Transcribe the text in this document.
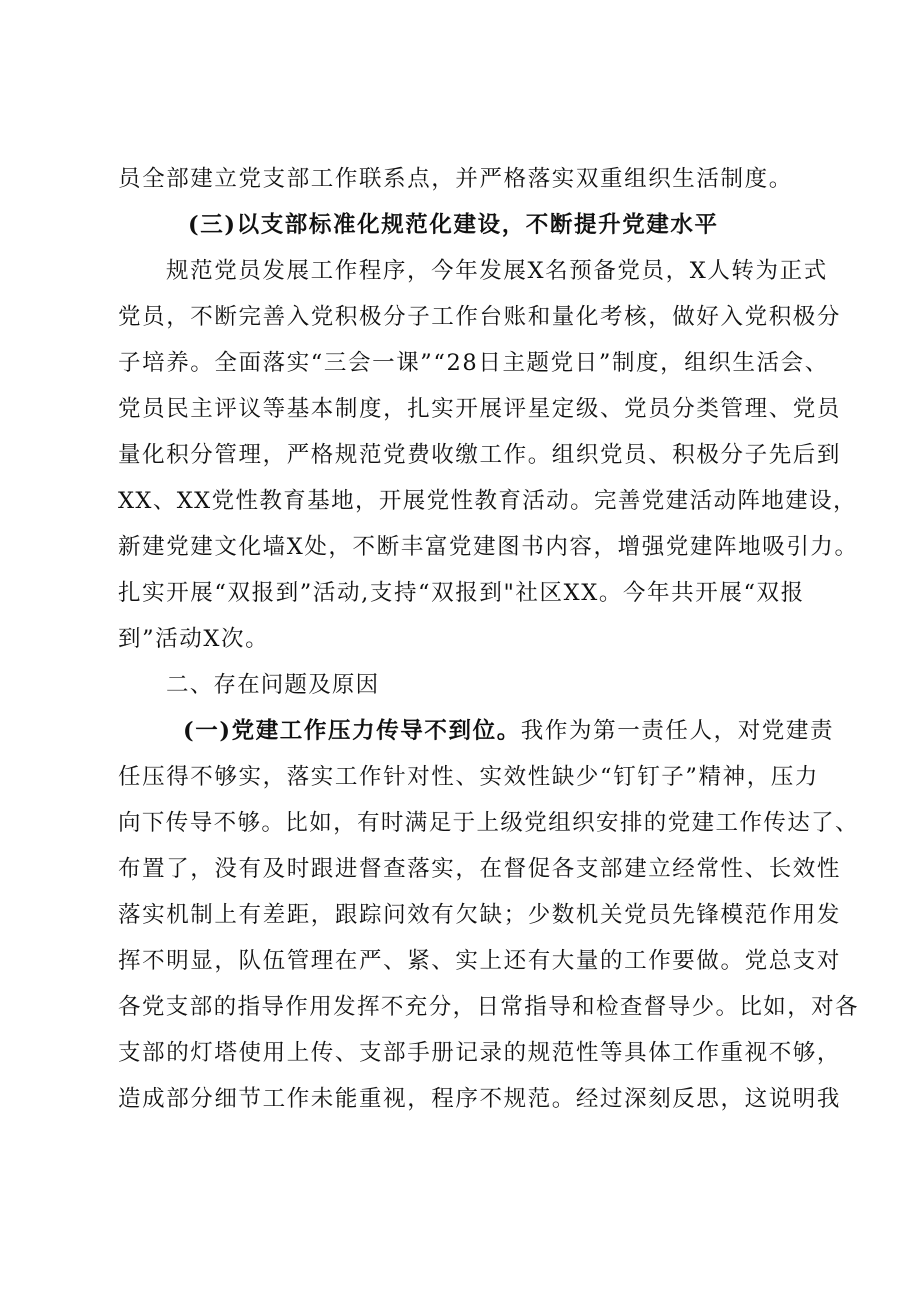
员全部建立党支部工作联系点，并严格落实双重组织生活制度。
(三)以支部标准化规范化建设，不断提升党建水平
规范党员发展工作程序，今年发展X名预备党员，X人转为正式
党员，不断完善入党积极分子工作台账和量化考核，做好入党积极分
子培养。全面落实“三会一课”“28日主题党日”制度，组织生活会、
党员民主评议等基本制度，扎实开展评星定级、党员分类管理、党员
量化积分管理，严格规范党费收缴工作。组织党员、积极分子先后到
XX、XX党性教育基地，开展党性教育活动。完善党建活动阵地建设，
新建党建文化墙X处，不断丰富党建图书内容，增强党建阵地吸引力。
扎实开展“双报到”活动,支持“双报到"社区XX。今年共开展“双报
到”活动X次。
二、存在问题及原因
(一)党建工作压力传导不到位。我作为第一责任人，对党建责
任压得不够实，落实工作针对性、实效性缺少“钉钉子”精神，压力
向下传导不够。比如，有时满足于上级党组织安排的党建工作传达了、
布置了，没有及时跟进督查落实，在督促各支部建立经常性、长效性
落实机制上有差距，跟踪问效有欠缺；少数机关党员先锋模范作用发
挥不明显，队伍管理在严、紧、实上还有大量的工作要做。党总支对
各党支部的指导作用发挥不充分，日常指导和检查督导少。比如，对各
支部的灯塔使用上传、支部手册记录的规范性等具体工作重视不够，
造成部分细节工作未能重视，程序不规范。经过深刻反思，这说明我
